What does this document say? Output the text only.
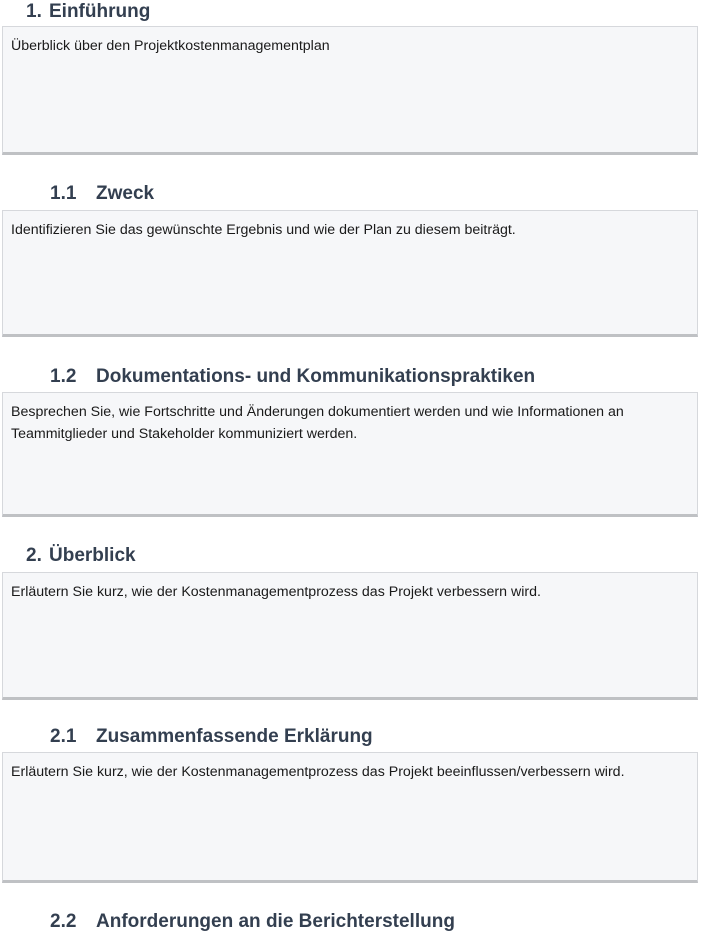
1. Einführung
Überblick über den Projektkostenmanagementplan
1.1 Zweck
Identifizieren Sie das gewünschte Ergebnis und wie der Plan zu diesem beiträgt.
1.2 Dokumentations- und Kommunikationspraktiken
Besprechen Sie, wie Fortschritte und Änderungen dokumentiert werden und wie Informationen an
Teammitglieder und Stakeholder kommuniziert werden.
2. Überblick
Erläutern Sie kurz, wie der Kostenmanagementprozess das Projekt verbessern wird.
2.1 Zusammenfassende Erklärung
Erläutern Sie kurz, wie der Kostenmanagementprozess das Projekt beeinflussen/verbessern wird.
2.2 Anforderungen an die Berichterstellung
